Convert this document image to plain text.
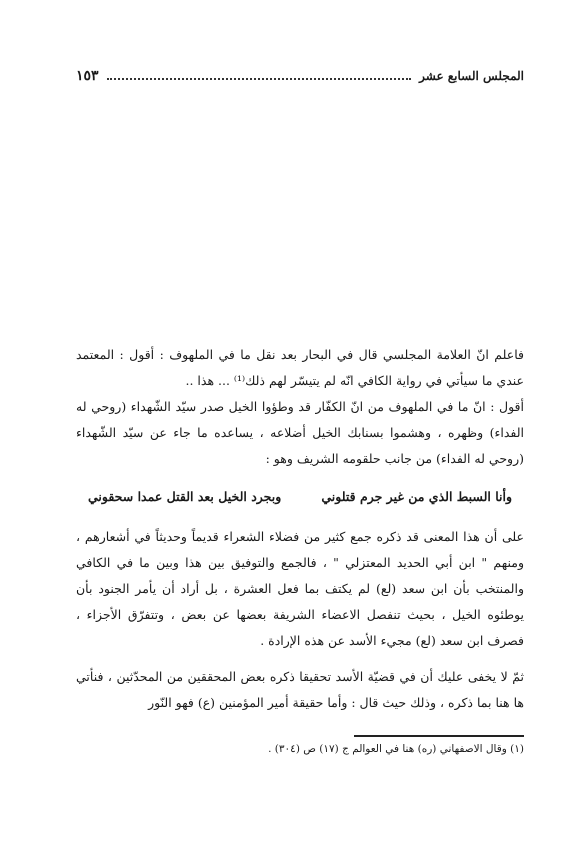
المجلس السابع عشر
١٥٣

فاعلم انّ العلامة المجلسي قال في البحار بعد نقل ما في الملهوف : أقول : المعتمد عندي ما سيأتي في رواية الكافي انّه لم يتيسّر لهم ذلك⁽¹⁾ ... هذا ..

أقول : انّ ما في الملهوف من انّ الكفّار قد وطؤوا الخيل صدر سيّد الشّهداء (روحي له الفداء) وظهره ، وهشموا بسنابك الخيل أضلاعه ، يساعده ما جاء عن سيّد الشّهداء (روحي له الفداء) من جانب حلقومه الشريف وهو :

وأنا السبط الذي من غير جرم قتلوني
وبجرد الخيل بعد القتل عمدا سحقوني

على أن هذا المعنى قد ذكره جمع كثير من فضلاء الشعراء قديماً وحديثاً في أشعارهم ، ومنهم " ابن أبي الحديد المعتزلي " ، فالجمع والتوفيق بين هذا وبين ما في الكافي والمنتخب بأن ابن سعد (لع) لم يكتف بما فعل العشرة ، بل أراد أن يأمر الجنود بأن يوطئوه الخيل ، بحيث تنفصل الاعضاء الشريفة بعضها عن بعض ، وتتفرّق الأجزاء ، فصرف ابن سعد (لع) مجيء الأسد عن هذه الإرادة .

ثمّ لا يخفى عليك أن في قضيّة الأسد تحقيقا ذكره بعض المحققين من المحدّثين ، فنأتي ها هنا بما ذكره ، وذلك حيث قال : وأما حقيقة أمير المؤمنين (ع) فهو النّور

(١) وقال الاصفهاني (ره) هنا في العوالم ج (١٧) ص (٣٠٤) .
